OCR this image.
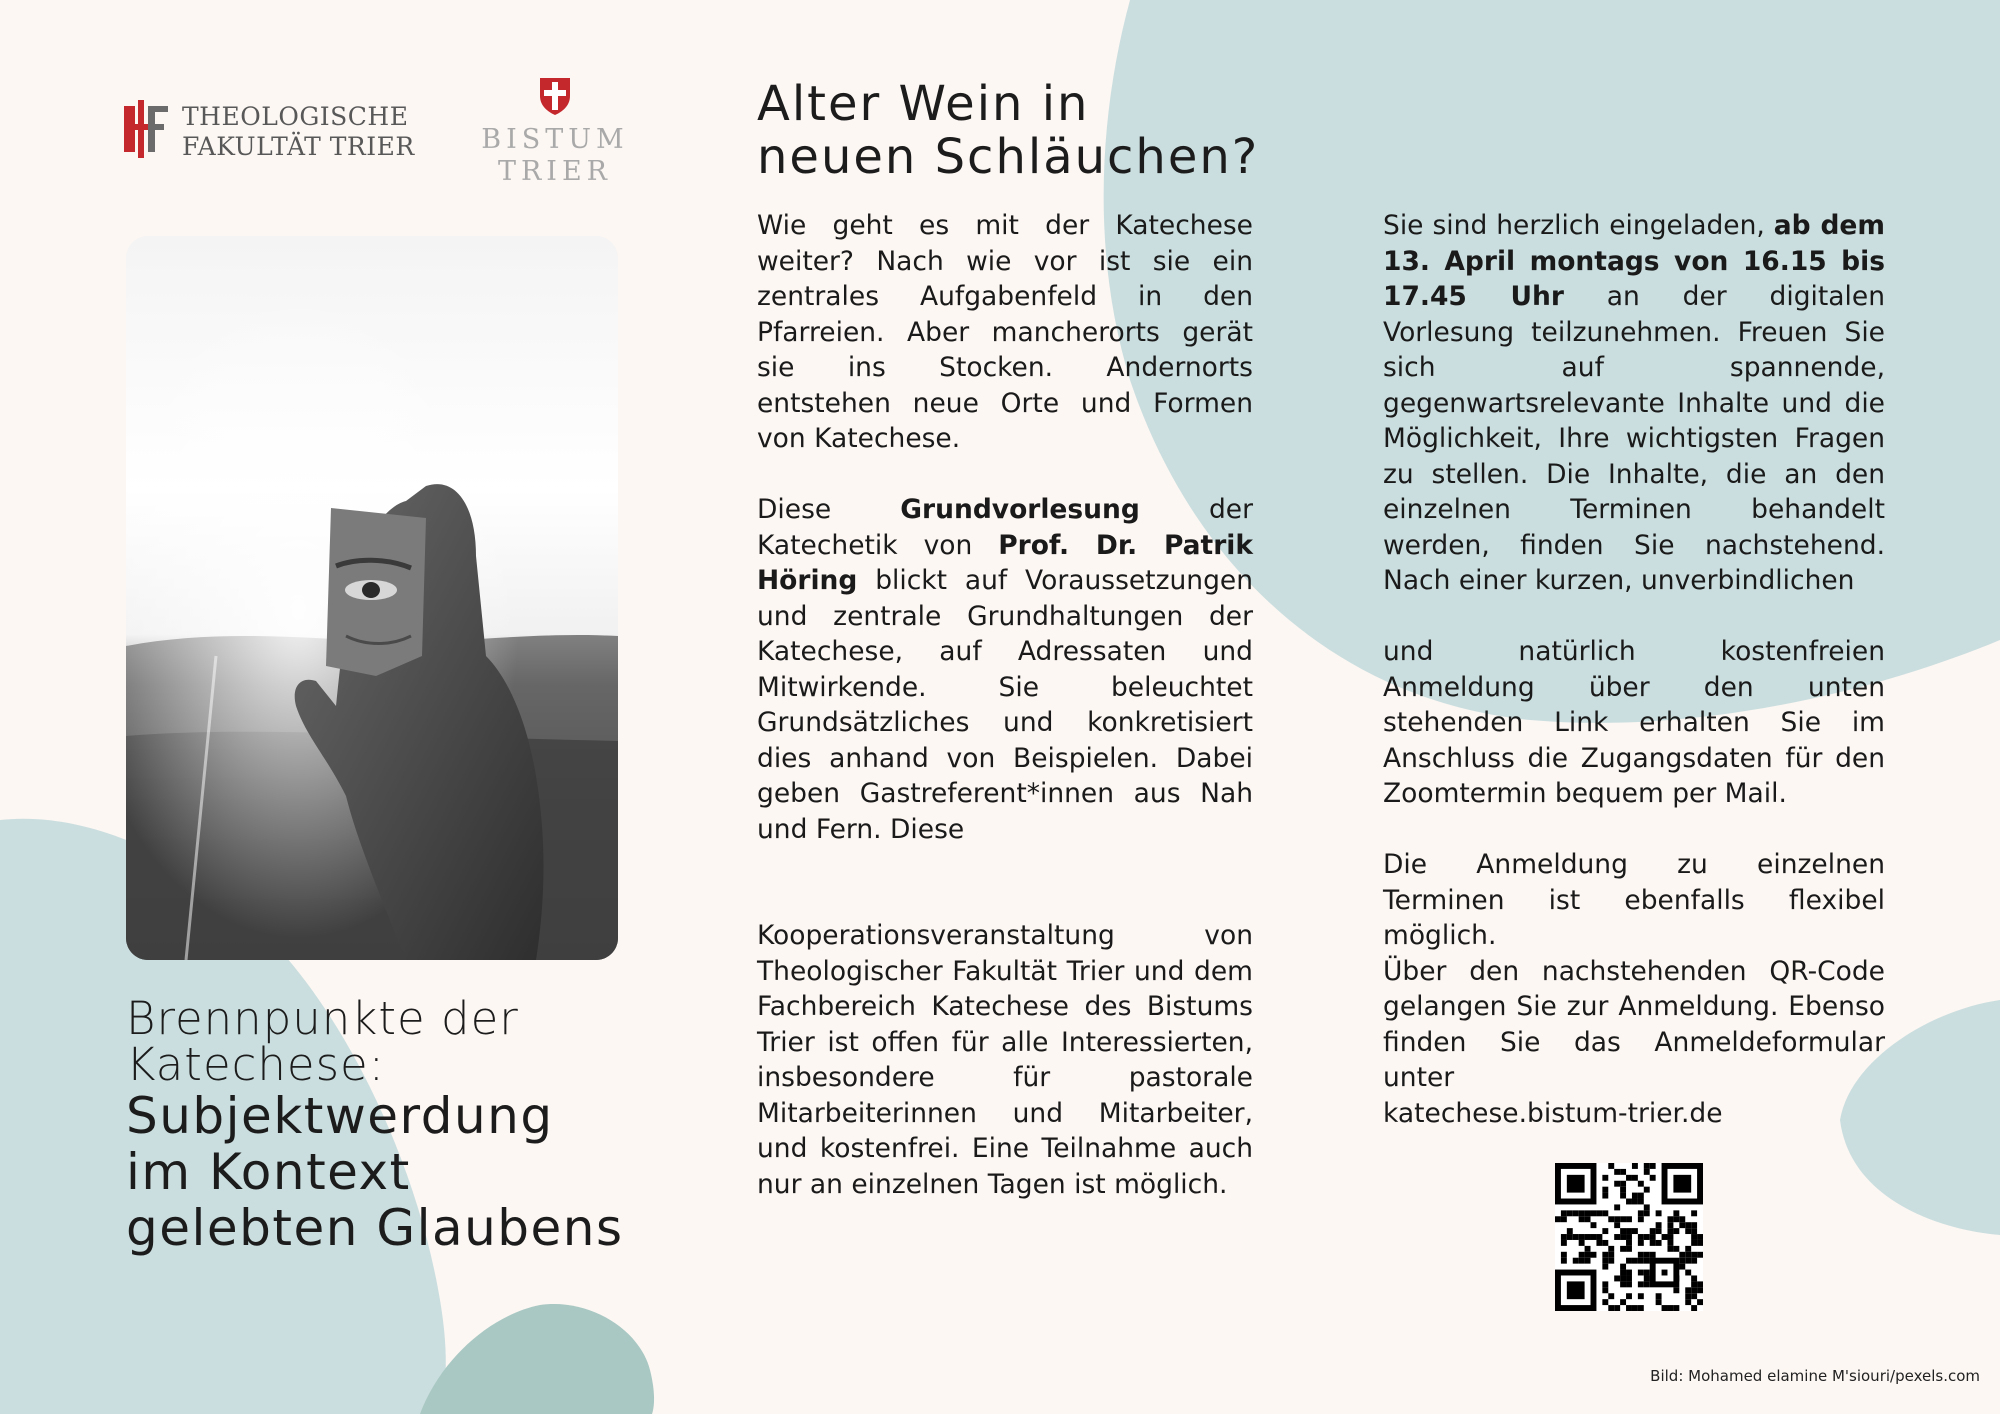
THEOLOGISCHE
FAKULTÄT TRIER BISTUM
TRIER
Brennpunkte der
Katechese:
Subjektwerdung
im Kontext
gelebten Glaubens
Alter Wein in
neuen Schläuchen?

Wie geht es mit der Katechese weiter? Nach wie vor ist sie ein zentrales Aufgabenfeld in den Pfarreien. Aber mancherorts gerät sie ins Stocken. Andernorts entstehen neue Orte und Formen von Katechese.

Diese Grundvorlesung der Katechetik von Prof. Dr. Patrik Höring blickt auf Voraussetzungen und zentrale Grundhaltungen der Katechese, auf Adressaten und Mitwirkende. Sie beleuchtet Grundsätzliches und konkretisiert dies anhand von Beispielen. Dabei geben Gastreferent*innen aus Nah und Fern. Diese

Kooperationsveranstaltung von Theologischer Fakultät Trier und dem Fachbereich Katechese des Bistums Trier ist offen für alle Interessierten, insbesondere für pastorale Mitarbeiterinnen und Mitarbeiter, und kostenfrei. Eine Teilnahme auch nur an einzelnen Tagen ist möglich.

Sie sind herzlich eingeladen, ab dem 13. April montags von 16.15 bis 17.45 Uhr an der digitalen Vorlesung teilzunehmen. Freuen Sie sich auf spannende, gegenwartsrelevante Inhalte und die Möglichkeit, Ihre wichtigsten Fragen zu stellen. Die Inhalte, die an den einzelnen Terminen behandelt werden, finden Sie nachstehend. Nach einer kurzen, unverbindlichen

und natürlich kostenfreien Anmeldung über den unten stehenden Link erhalten Sie im Anschluss die Zugangsdaten für den Zoomtermin bequem per Mail.

Die Anmeldung zu einzelnen Terminen ist ebenfalls flexibel möglich.

Über den nachstehenden QR-Code gelangen Sie zur Anmeldung. Ebenso finden Sie das Anmeldeformular unter

katechese.bistum-trier.de

Bild: Mohamed elamine M'siouri/pexels.com
